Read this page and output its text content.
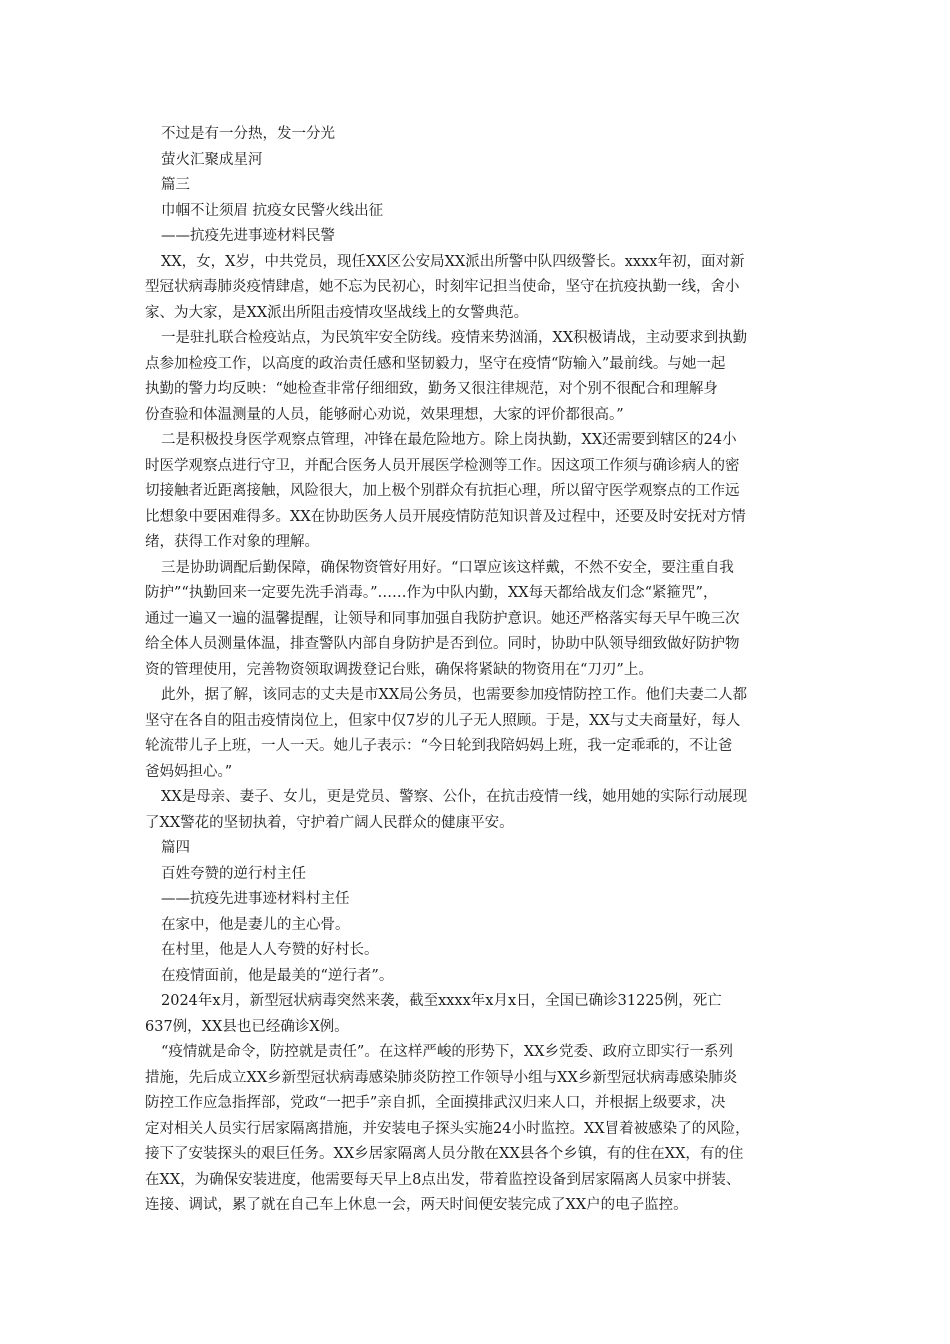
不过是有一分热，发一分光

萤火汇聚成星河

篇三

巾帼不让须眉 抗疫女民警火线出征

——抗疫先进事迹材料民警

XX，女，X岁，中共党员，现任XX区公安局XX派出所警中队四级警长。xxxx年初，面对新

型冠状病毒肺炎疫情肆虐，她不忘为民初心，时刻牢记担当使命，坚守在抗疫执勤一线，舍小

家、为大家，是XX派出所阻击疫情攻坚战线上的女警典范。

一是驻扎联合检疫站点，为民筑牢安全防线。疫情来势汹涌，XX积极请战，主动要求到执勤

点参加检疫工作，以高度的政治责任感和坚韧毅力，坚守在疫情“防输入”最前线。与她一起

执勤的警力均反映：“她检查非常仔细细致，勤务又很注律规范，对个别不很配合和理解身

份查验和体温测量的人员，能够耐心劝说，效果理想，大家的评价都很高。”

二是积极投身医学观察点管理，冲锋在最危险地方。除上岗执勤，XX还需要到辖区的24小

时医学观察点进行守卫，并配合医务人员开展医学检测等工作。因这项工作须与确诊病人的密

切接触者近距离接触，风险很大，加上极个别群众有抗拒心理，所以留守医学观察点的工作远

比想象中要困难得多。XX在协助医务人员开展疫情防范知识普及过程中，还要及时安抚对方情

绪，获得工作对象的理解。

三是协助调配后勤保障，确保物资管好用好。“口罩应该这样戴，不然不安全，要注重自我

防护”“执勤回来一定要先洗手消毒。”……作为中队内勤，XX每天都给战友们念“紧箍咒”，

通过一遍又一遍的温馨提醒，让领导和同事加强自我防护意识。她还严格落实每天早午晚三次

给全体人员测量体温，排查警队内部自身防护是否到位。同时，协助中队领导细致做好防护物

资的管理使用，完善物资领取调拨登记台账，确保将紧缺的物资用在“刀刃”上。

此外，据了解，该同志的丈夫是市XX局公务员，也需要参加疫情防控工作。他们夫妻二人都

坚守在各自的阻击疫情岗位上，但家中仅7岁的儿子无人照顾。于是，XX与丈夫商量好，每人

轮流带儿子上班，一人一天。她儿子表示：“今日轮到我陪妈妈上班，我一定乖乖的，不让爸

爸妈妈担心。”

XX是母亲、妻子、女儿，更是党员、警察、公仆，在抗击疫情一线，她用她的实际行动展现

了XX警花的坚韧执着，守护着广阔人民群众的健康平安。

篇四

百姓夸赞的逆行村主任

——抗疫先进事迹材料村主任

在家中，他是妻儿的主心骨。

在村里，他是人人夸赞的好村长。

在疫情面前，他是最美的“逆行者”。

2024年x月，新型冠状病毒突然来袭，截至xxxx年x月x日，全国已确诊31225例，死亡

637例，XX县也已经确诊X例。

“疫情就是命令，防控就是责任”。在这样严峻的形势下，XX乡党委、政府立即实行一系列

措施，先后成立XX乡新型冠状病毒感染肺炎防控工作领导小组与XX乡新型冠状病毒感染肺炎

防控工作应急指挥部，党政“一把手”亲自抓，全面摸排武汉归来人口，并根据上级要求，决

定对相关人员实行居家隔离措施，并安装电子探头实施24小时监控。XX冒着被感染了的风险，

接下了安装探头的艰巨任务。XX乡居家隔离人员分散在XX县各个乡镇，有的住在XX，有的住

在XX，为确保安装进度，他需要每天早上8点出发，带着监控设备到居家隔离人员家中拼装、

连接、调试，累了就在自己车上休息一会，两天时间便安装完成了XX户的电子监控。
